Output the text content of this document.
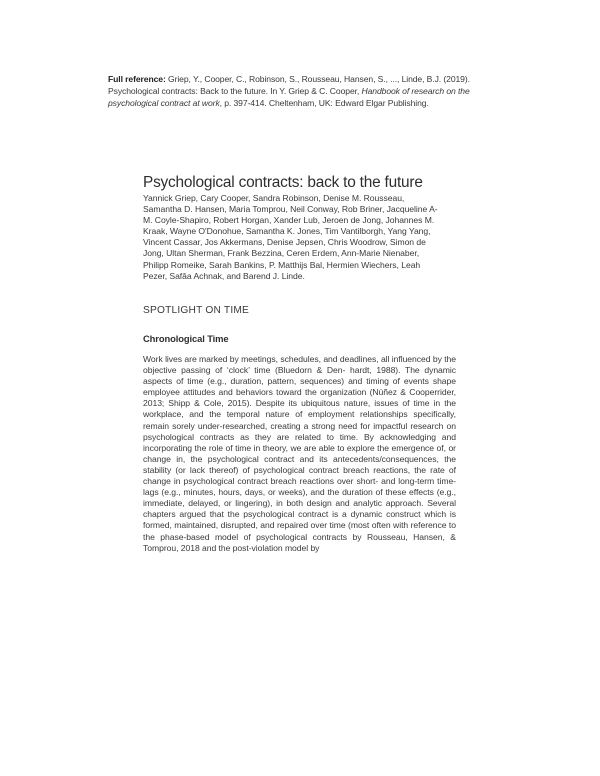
Full reference: Griep, Y., Cooper, C., Robinson, S., Rousseau, Hansen, S., ..., Linde, B.J. (2019). Psychological contracts: Back to the future. In Y. Griep & C. Cooper, Handbook of research on the psychological contract at work, p. 397-414. Cheltenham, UK: Edward Elgar Publishing.
Psychological contracts: back to the future
Yannick Griep, Cary Cooper, Sandra Robinson, Denise M. Rousseau, Samantha D. Hansen, Maria Tomprou, Neil Conway, Rob Briner, Jacqueline A-M. Coyle-Shapiro, Robert Horgan, Xander Lub, Jeroen de Jong, Johannes M. Kraak, Wayne O'Donohue, Samantha K. Jones, Tim Vantilborgh, Yang Yang, Vincent Cassar, Jos Akkermans, Denise Jepsen, Chris Woodrow, Simon de Jong, Ultan Sherman, Frank Bezzina, Ceren Erdem, Ann-Marie Nienaber, Philipp Romeike, Sarah Bankins, P. Matthijs Bal, Hermien Wiechers, Leah Pezer, Safâa Achnak, and Barend J. Linde.
SPOTLIGHT ON TIME
Chronological Time
Work lives are marked by meetings, schedules, and deadlines, all influenced by the objective passing of ‘clock’ time (Bluedorn & Den- hardt, 1988). The dynamic aspects of time (e.g., duration, pattern, sequences) and timing of events shape employee attitudes and behaviors toward the organization (Núñez & Cooperrider, 2013; Shipp & Cole, 2015). Despite its ubiquitous nature, issues of time in the workplace, and the temporal nature of employment relationships specifically, remain sorely under-researched, creating a strong need for impactful research on psychological contracts as they are related to time. By acknowledging and incorporating the role of time in theory, we are able to explore the emergence of, or change in, the psychological contract and its antecedents/consequences, the stability (or lack thereof) of psychological contract breach reactions, the rate of change in psychological contract breach reactions over short- and long-term time-lags (e.g., minutes, hours, days, or weeks), and the duration of these effects (e.g., immediate, delayed, or lingering), in both design and analytic approach. Several chapters argued that the psychological contract is a dynamic construct which is formed, maintained, disrupted, and repaired over time (most often with reference to the phase-based model of psychological contracts by Rousseau, Hansen, & Tomprou, 2018 and the post-violation model by
